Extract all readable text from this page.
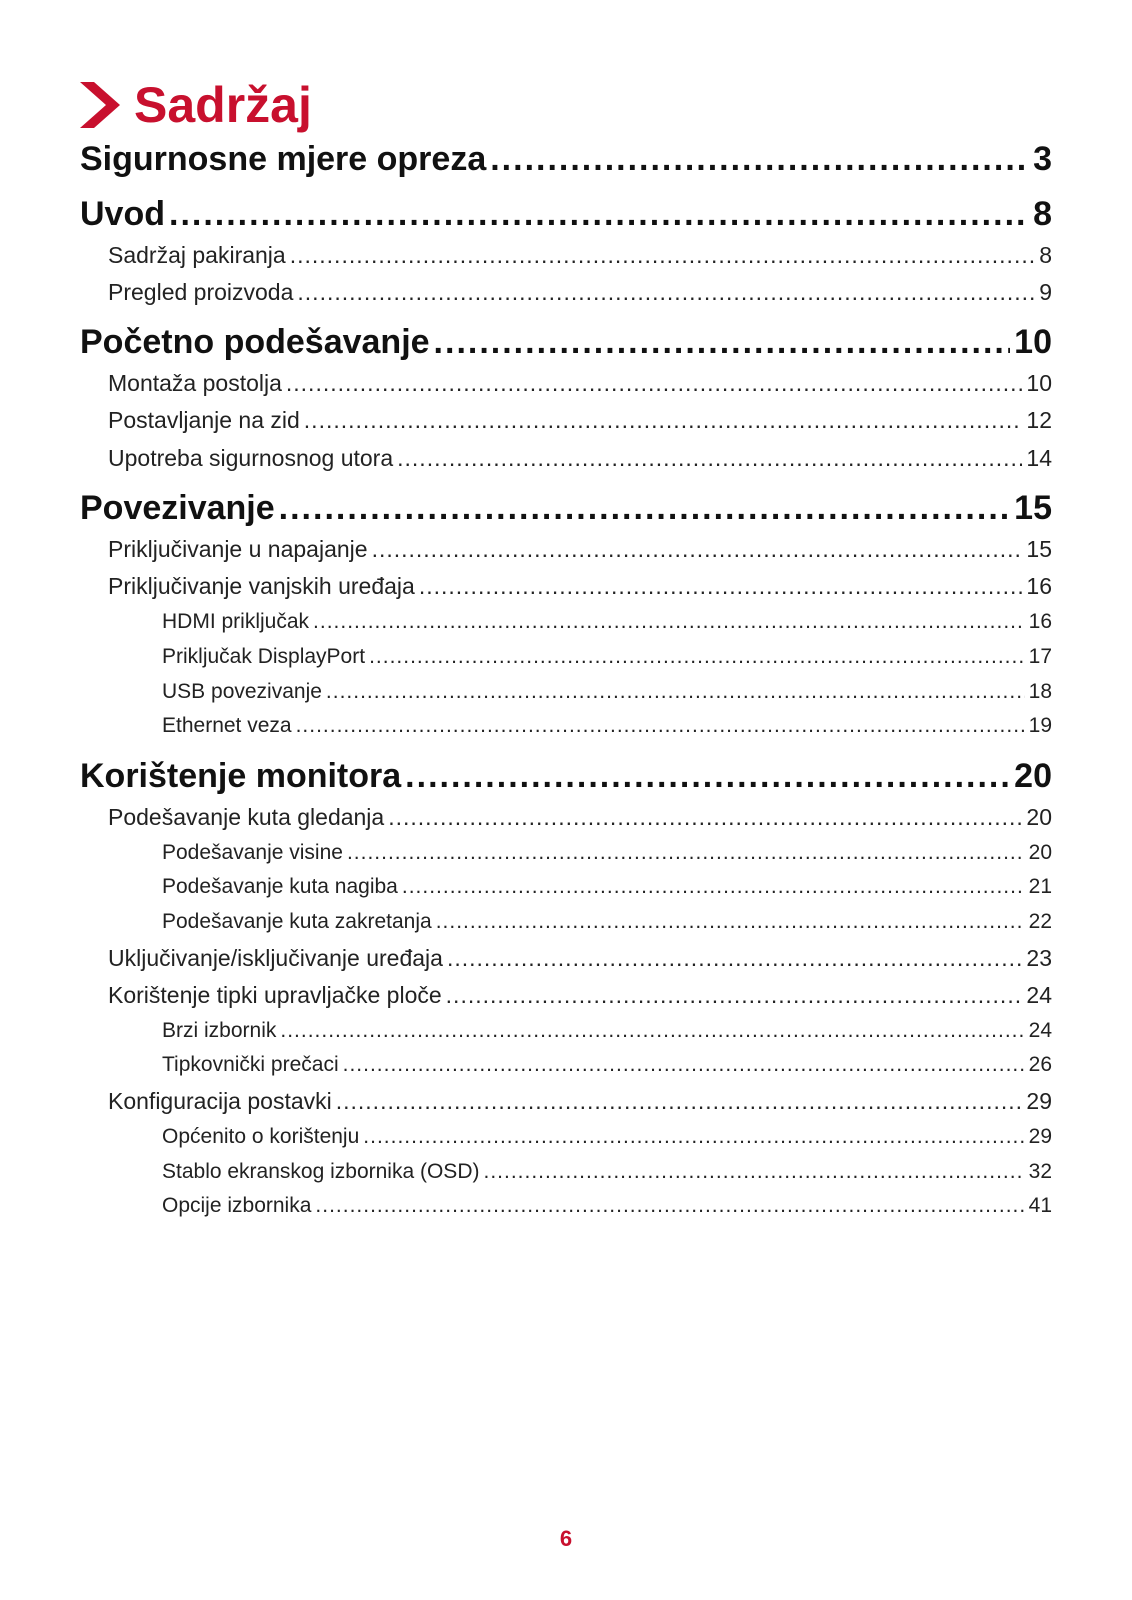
Sadržaj
Sigurnosne mjere opreza .....	3
Uvod .....	8
Sadržaj pakiranja .....	8
Pregled proizvoda .....	9
Početno podešavanje .....	10
Montaža postolja .....	10
Postavljanje na zid .....	12
Upotreba sigurnosnog utora .....	14
Povezivanje .....	15
Priključivanje u napajanje .....	15
Priključivanje vanjskih uređaja .....	16
HDMI priključak .....	16
Priključak DisplayPort .....	17
USB povezivanje .....	18
Ethernet veza .....	19
Korištenje monitora .....	20
Podešavanje kuta gledanja .....	20
Podešavanje visine .....	20
Podešavanje kuta nagiba .....	21
Podešavanje kuta zakretanja .....	22
Uključivanje/isključivanje uređaja .....	23
Korištenje tipki upravljačke ploče .....	24
Brzi izbornik .....	24
Tipkovnički prečaci .....	26
Konfiguracija postavki .....	29
Općenito o korištenju .....	29
Stablo ekranskog izbornika (OSD) .....	32
Opcije izbornika .....	41
6
